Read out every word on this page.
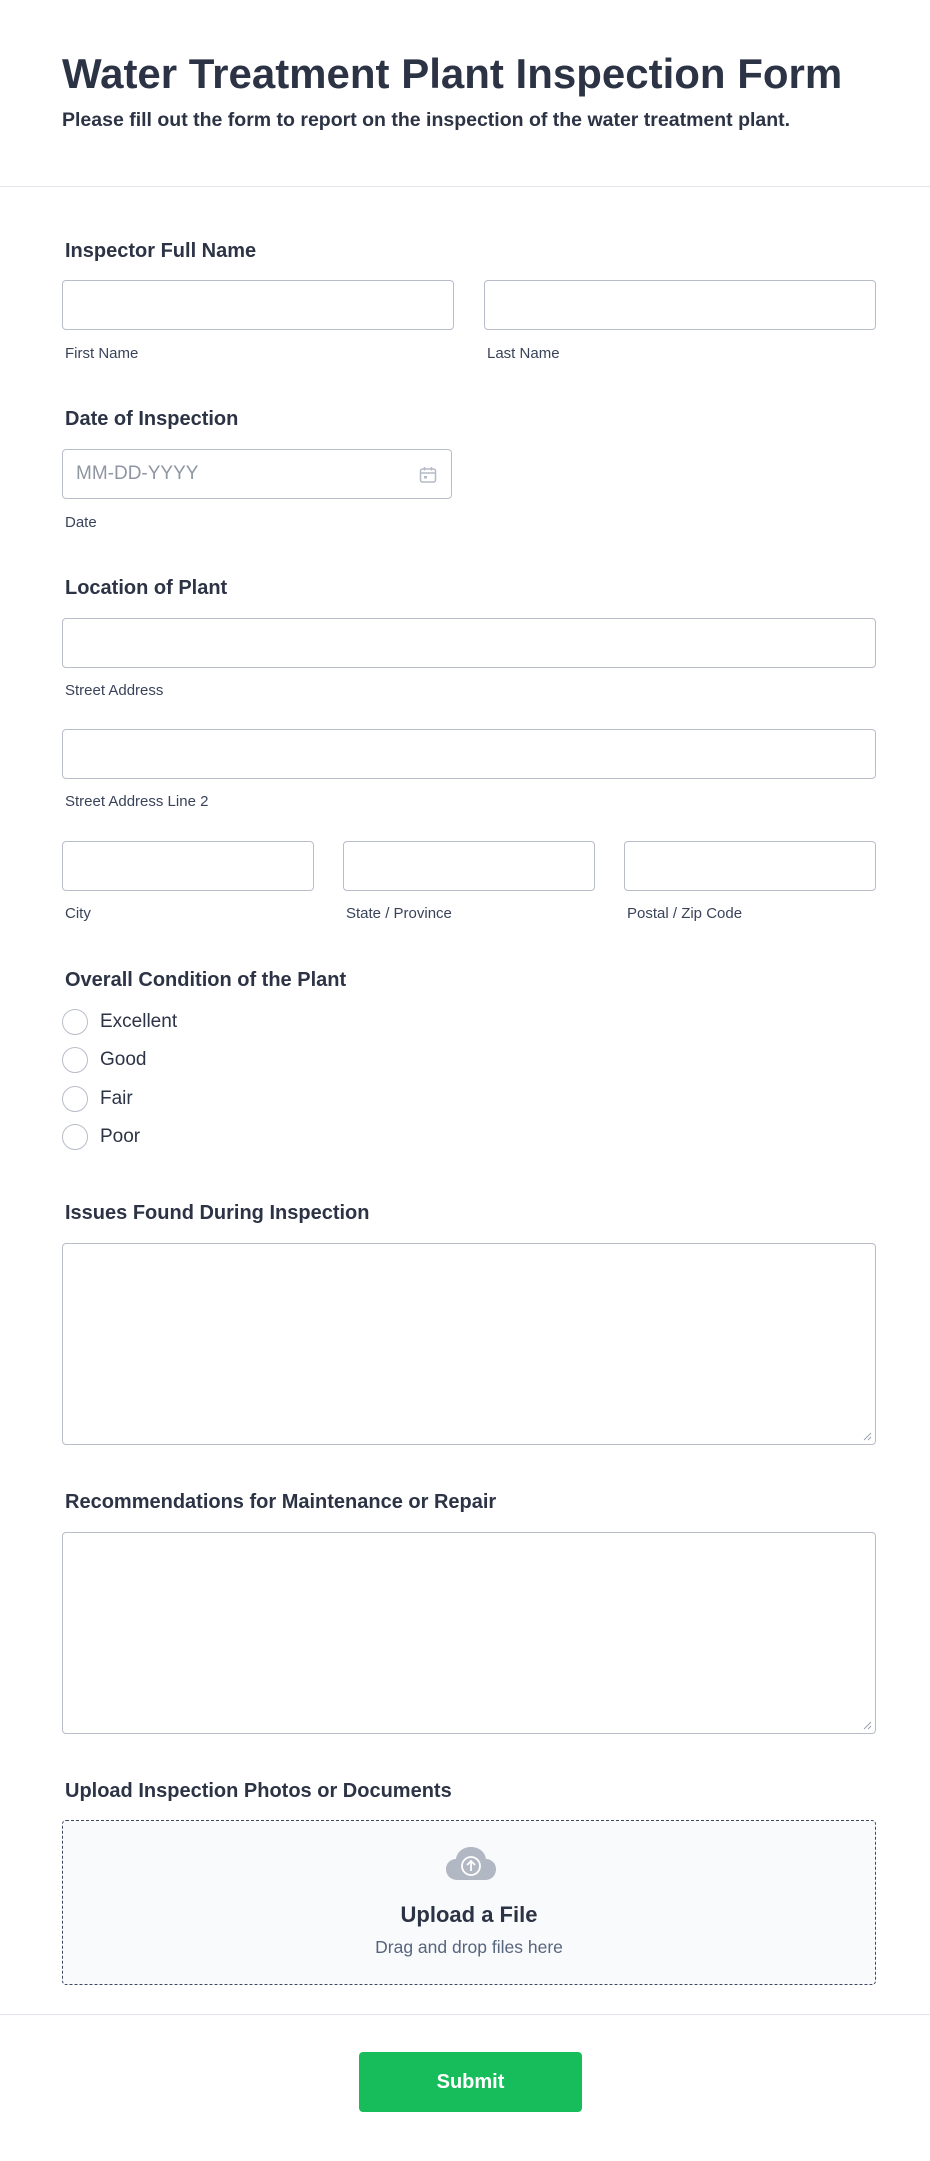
Water Treatment Plant Inspection Form
Please fill out the form to report on the inspection of the water treatment plant.
Inspector Full Name
First Name	Last Name
Date of Inspection
MM-DD-YYYY
Date
Location of Plant
Street Address
Street Address Line 2
City	State / Province	Postal / Zip Code
Overall Condition of the Plant
Excellent
Good
Fair
Poor
Issues Found During Inspection
Recommendations for Maintenance or Repair
Upload Inspection Photos or Documents
Upload a File
Drag and drop files here
Submit
